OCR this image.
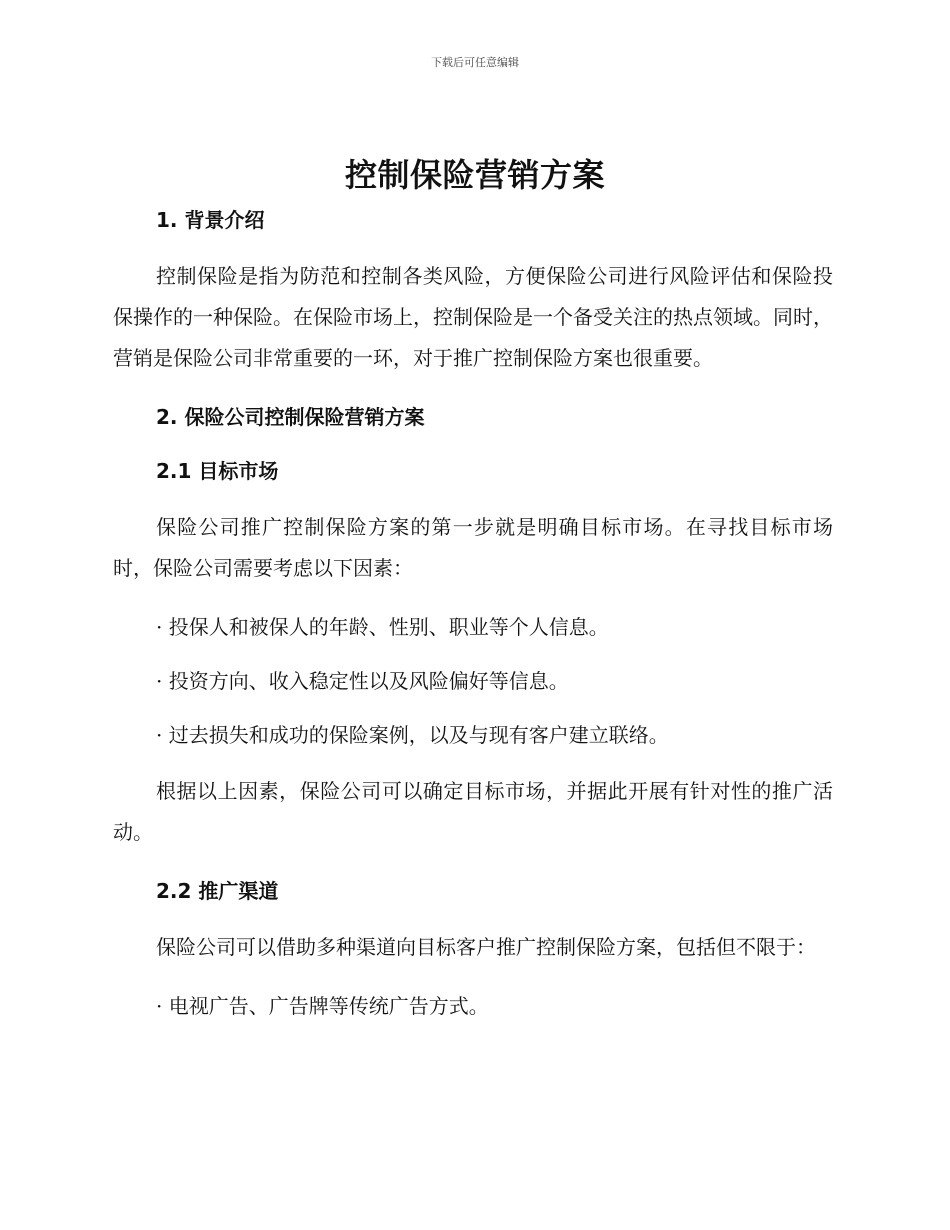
下载后可任意编辑
控制保险营销方案

1. 背景介绍

控制保险是指为防范和控制各类风险，方便保险公司进行风险评估和保险投保操作的一种保险。在保险市场上，控制保险是一个备受关注的热点领域。同时，营销是保险公司非常重要的一环，对于推广控制保险方案也很重要。

2. 保险公司控制保险营销方案

2.1 目标市场

保险公司推广控制保险方案的第一步就是明确目标市场。在寻找目标市场时，保险公司需要考虑以下因素：

· 投保人和被保人的年龄、性别、职业等个人信息。

· 投资方向、收入稳定性以及风险偏好等信息。

· 过去损失和成功的保险案例，以及与现有客户建立联络。

根据以上因素，保险公司可以确定目标市场，并据此开展有针对性的推广活动。

2.2 推广渠道

保险公司可以借助多种渠道向目标客户推广控制保险方案，包括但不限于：

· 电视广告、广告牌等传统广告方式。
